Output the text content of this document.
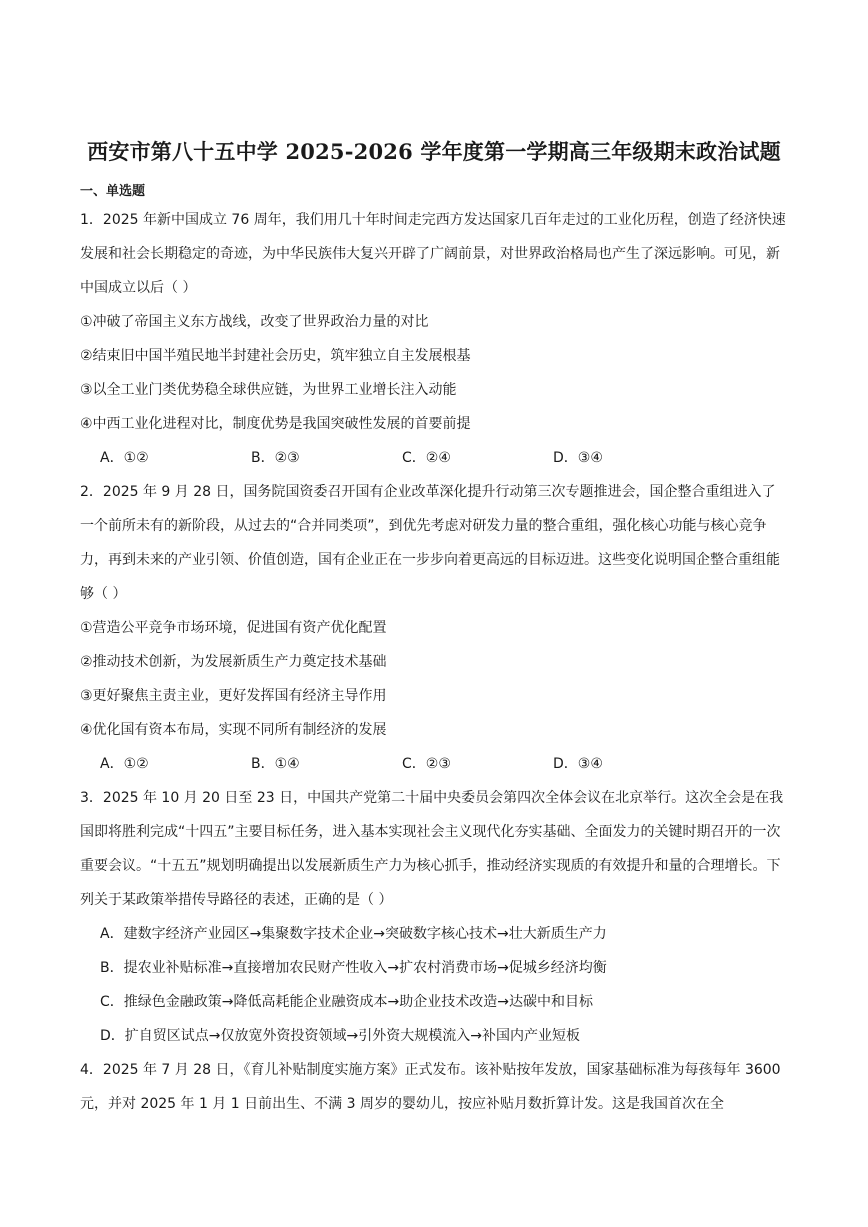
西安市第八十五中学 2025-2026 学年度第一学期高三年级期末政治试题
一、单选题

1．2025 年新中国成立 76 周年，我们用几十年时间走完西方发达国家几百年走过的工业化历程，创造了经济快速发展和社会长期稳定的奇迹，为中华民族伟大复兴开辟了广阔前景，对世界政治格局也产生了深远影响。可见，新中国成立以后（ ）

①冲破了帝国主义东方战线，改变了世界政治力量的对比

②结束旧中国半殖民地半封建社会历史，筑牢独立自主发展根基

③以全工业门类优势稳全球供应链，为世界工业增长注入动能

④中西工业化进程对比，制度优势是我国突破性发展的首要前提

A．①②	B．②③	C．②④	D．③④

2．2025 年 9 月 28 日，国务院国资委召开国有企业改革深化提升行动第三次专题推进会，国企整合重组进入了一个前所未有的新阶段，从过去的“合并同类项”，到优先考虑对研发力量的整合重组，强化核心功能与核心竞争力，再到未来的产业引领、价值创造，国有企业正在一步步向着更高远的目标迈进。这些变化说明国企整合重组能够（ ）

①营造公平竞争市场环境，促进国有资产优化配置

②推动技术创新，为发展新质生产力奠定技术基础

③更好聚焦主责主业，更好发挥国有经济主导作用

④优化国有资本布局，实现不同所有制经济的发展

A．①②	B．①④	C．②③	D．③④

3．2025 年 10 月 20 日至 23 日，中国共产党第二十届中央委员会第四次全体会议在北京举行。这次全会是在我国即将胜利完成“十四五”主要目标任务，进入基本实现社会主义现代化夯实基础、全面发力的关键时期召开的一次重要会议。“十五五”规划明确提出以发展新质生产力为核心抓手，推动经济实现质的有效提升和量的合理增长。下列关于某政策举措传导路径的表述，正确的是（ ）

A．建数字经济产业园区→集聚数字技术企业→突破数字核心技术→壮大新质生产力

B．提农业补贴标准→直接增加农民财产性收入→扩农村消费市场→促城乡经济均衡

C．推绿色金融政策→降低高耗能企业融资成本→助企业技术改造→达碳中和目标

D．扩自贸区试点→仅放宽外资投资领域→引外资大规模流入→补国内产业短板

4．2025 年 7 月 28 日，《育儿补贴制度实施方案》正式发布。该补贴按年发放，国家基础标准为每孩每年 3600 元，并对 2025 年 1 月 1 日前出生、不满 3 周岁的婴幼儿，按应补贴月数折算计发。这是我国首次在全
